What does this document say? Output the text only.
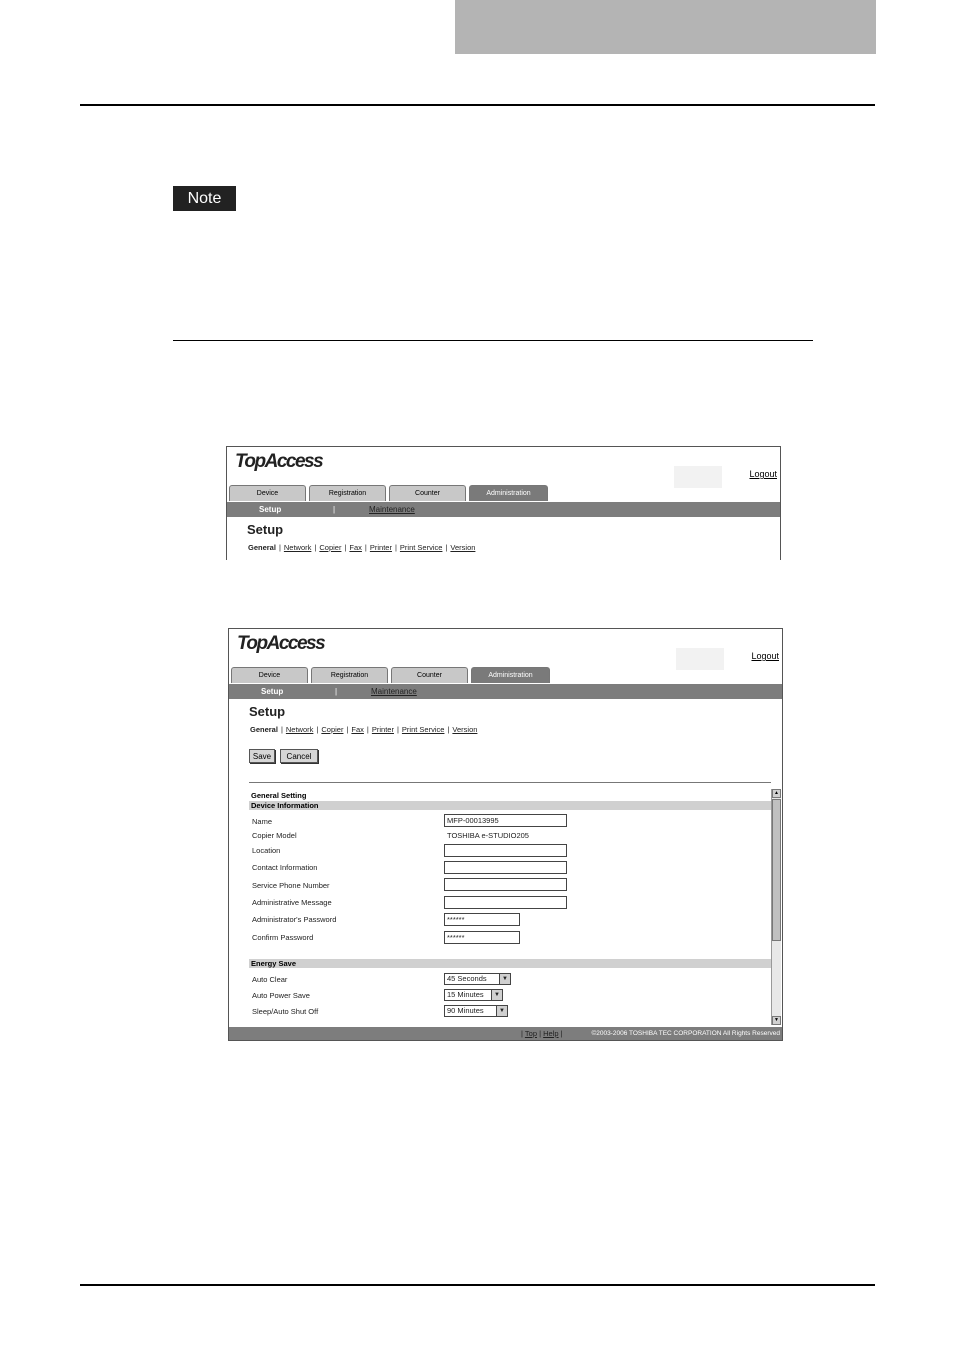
Note
TopAccess
Logout
Device	Registration	Counter	Administration
Setup	|	Maintenance
Setup
General | Network | Copier | Fax | Printer | Print Service | Version
TopAccess
Logout
Device	Registration	Counter	Administration
Setup	|	Maintenance
Setup
General | Network | Copier | Fax | Printer | Print Service | Version
Save	Cancel
General Setting
Device Information
Name	MFP-00013995
Copier Model	TOSHIBA e-STUDIO205
Location
Contact Information
Service Phone Number
Administrative Message
Administrator's Password	******
Confirm Password	******
Energy Save
Auto Clear	45 Seconds	▼
Auto Power Save	15 Minutes	▼
Sleep/Auto Shut Off	90 Minutes	▼
▲
▼
| Top | Help |	©2003-2006 TOSHIBA TEC CORPORATION All Rights Reserved
